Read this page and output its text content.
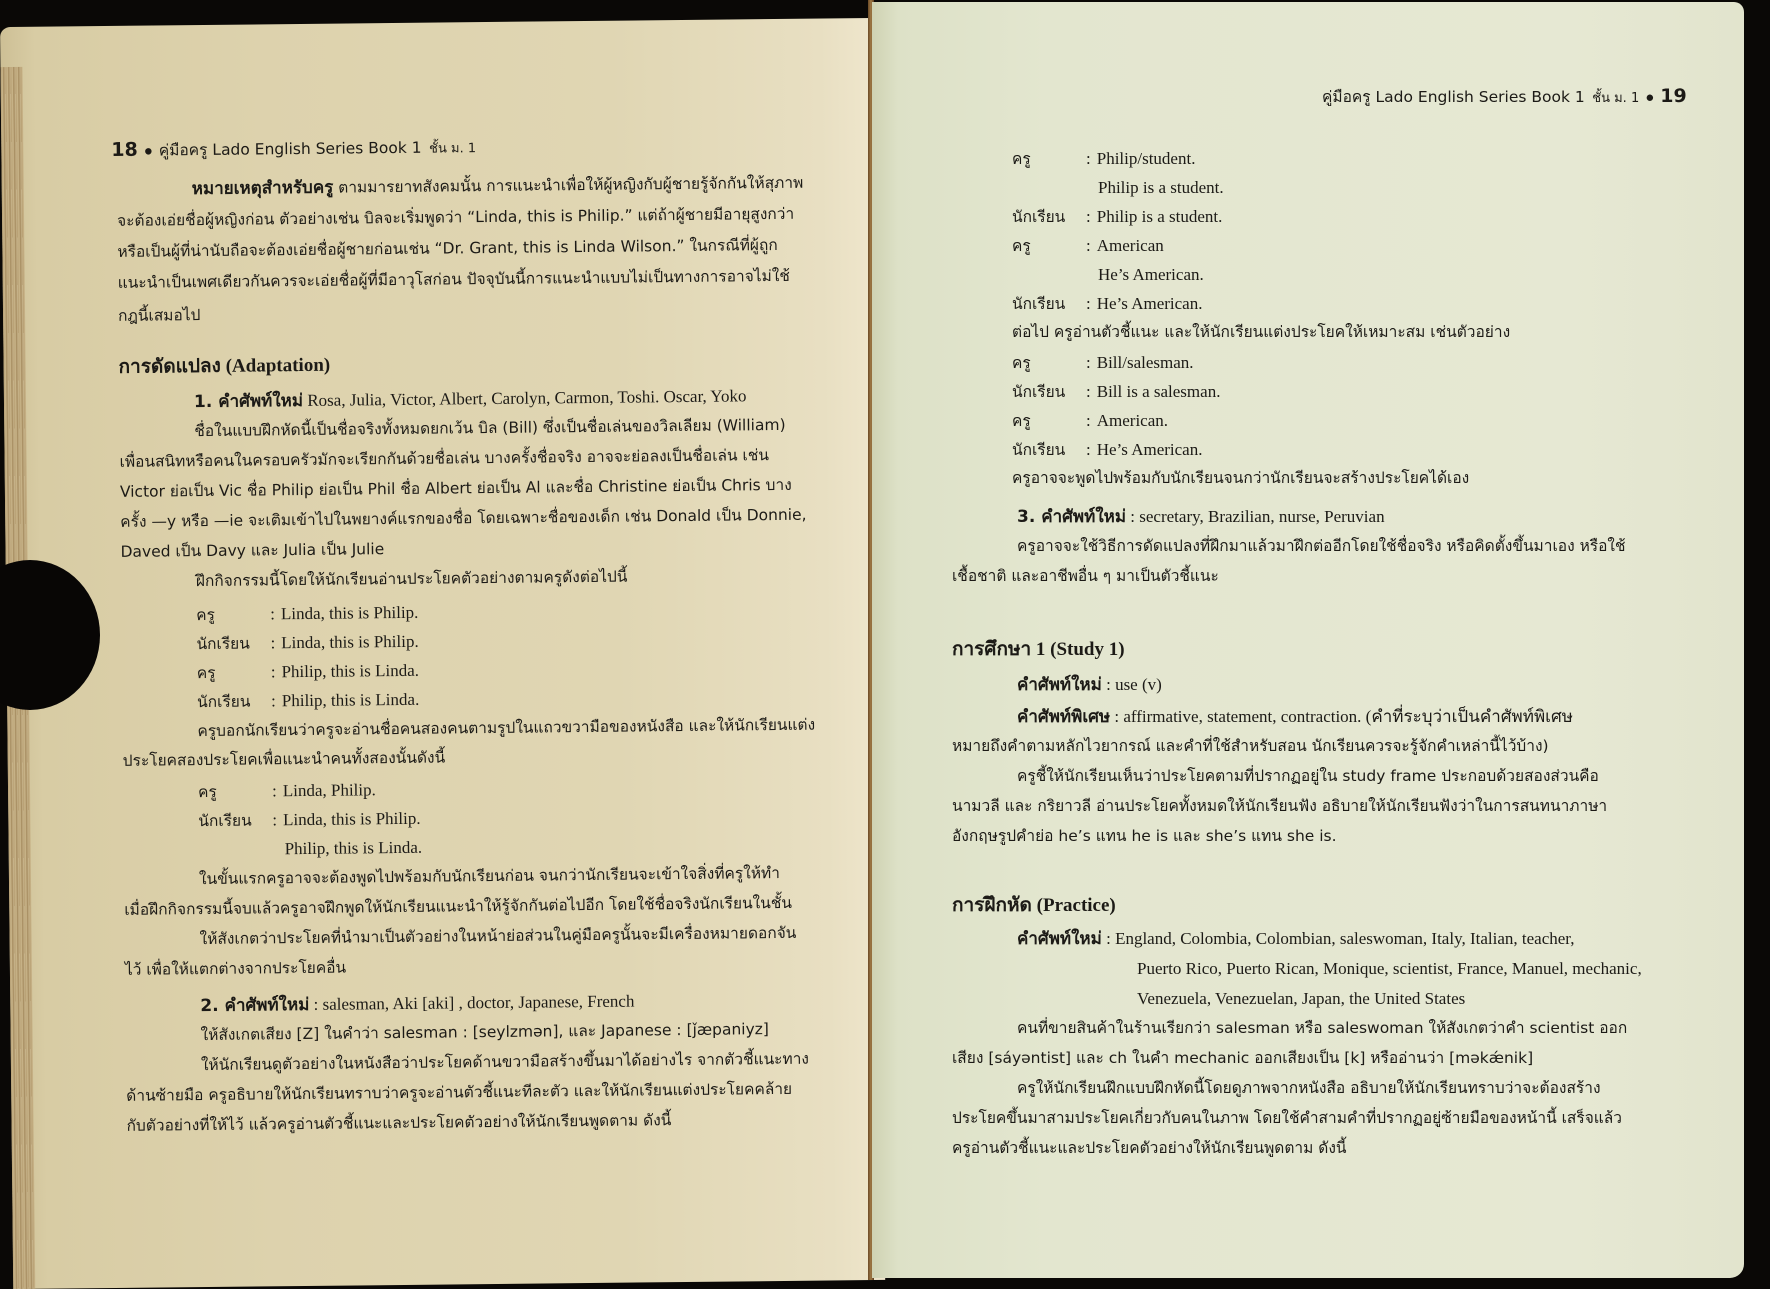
18 ● คู่มือครู Lado English Series Book 1 ชั้น ม. 1
หมายเหตุสำหรับครู ตามมารยาทสังคมนั้น การแนะนำเพื่อให้ผู้หญิงกับผู้ชายรู้จักกันให้สุภาพ
จะต้องเอ่ยชื่อผู้หญิงก่อน ตัวอย่างเช่น บิลจะเริ่มพูดว่า “Linda, this is Philip.” แต่ถ้าผู้ชายมีอายุสูงกว่า
หรือเป็นผู้ที่น่านับถือจะต้องเอ่ยชื่อผู้ชายก่อนเช่น “Dr. Grant, this is Linda Wilson.” ในกรณีที่ผู้ถูก
แนะนำเป็นเพศเดียวกันควรจะเอ่ยชื่อผู้ที่มีอาวุโสก่อน ปัจจุบันนี้การแนะนำแบบไม่เป็นทางการอาจไม่ใช้
กฎนี้เสมอไป
การดัดแปลง (Adaptation)
1. คำศัพท์ใหม่ Rosa, Julia, Victor, Albert, Carolyn, Carmon, Toshi. Oscar, Yoko
ชื่อในแบบฝึกหัดนี้เป็นชื่อจริงทั้งหมดยกเว้น บิล (Bill) ซึ่งเป็นชื่อเล่นของวิลเลียม (William)
เพื่อนสนิทหรือคนในครอบครัวมักจะเรียกกันด้วยชื่อเล่น บางครั้งชื่อจริง อาจจะย่อลงเป็นชื่อเล่น เช่น
Victor ย่อเป็น Vic ชื่อ Philip ย่อเป็น Phil ชื่อ Albert ย่อเป็น Al และชื่อ Christine ย่อเป็น Chris บาง
ครั้ง —y หรือ —ie จะเติมเข้าไปในพยางค์แรกของชื่อ โดยเฉพาะชื่อของเด็ก เช่น Donald เป็น Donnie,
Daved เป็น Davy และ Julia เป็น Julie
ฝึกกิจกรรมนี้โดยให้นักเรียนอ่านประโยคตัวอย่างตามครูดังต่อไปนี้
ครู	: Linda, this is Philip.
นักเรียน : Linda, this is Philip.
ครู	: Philip, this is Linda.
นักเรียน : Philip, this is Linda.
ครูบอกนักเรียนว่าครูจะอ่านชื่อคนสองคนตามรูปในแถวขวามือของหนังสือ และให้นักเรียนแต่ง
ประโยคสองประโยคเพื่อแนะนำคนทั้งสองนั้นดังนี้
ครู	: Linda, Philip.
นักเรียน : Linda, this is Philip.
Philip, this is Linda.
ในขั้นแรกครูอาจจะต้องพูดไปพร้อมกับนักเรียนก่อน จนกว่านักเรียนจะเข้าใจสิ่งที่ครูให้ทำ
เมื่อฝึกกิจกรรมนี้จบแล้วครูอาจฝึกพูดให้นักเรียนแนะนำให้รู้จักกันต่อไปอีก โดยใช้ชื่อจริงนักเรียนในชั้น
ให้สังเกตว่าประโยคที่นำมาเป็นตัวอย่างในหน้าย่อส่วนในคู่มือครูนั้นจะมีเครื่องหมายดอกจัน
ไว้ เพื่อให้แตกต่างจากประโยคอื่น
2. คำศัพท์ใหม่ : salesman, Aki [aki] , doctor, Japanese, French
ให้สังเกตเสียง [Z] ในคำว่า salesman : [seylzmən], และ Japanese : [ǰæpaniyz]
ให้นักเรียนดูตัวอย่างในหนังสือว่าประโยคด้านขวามือสร้างขึ้นมาได้อย่างไร จากตัวชี้แนะทาง
ด้านซ้ายมือ ครูอธิบายให้นักเรียนทราบว่าครูจะอ่านตัวชี้แนะทีละตัว และให้นักเรียนแต่งประโยคคล้าย
กับตัวอย่างที่ให้ไว้ แล้วครูอ่านตัวชี้แนะและประโยคตัวอย่างให้นักเรียนพูดตาม ดังนี้
คู่มือครู Lado English Series Book 1 ชั้น ม. 1 ● 19
ครู	: Philip/student.
Philip is a student.
นักเรียน : Philip is a student.
ครู	: American
He’s American.
นักเรียน : He’s American.
ต่อไป ครูอ่านตัวชี้แนะ และให้นักเรียนแต่งประโยคให้เหมาะสม เช่นตัวอย่าง
ครู	: Bill/salesman.
นักเรียน : Bill is a salesman.
ครู	: American.
นักเรียน : He’s American.
ครูอาจจะพูดไปพร้อมกับนักเรียนจนกว่านักเรียนจะสร้างประโยคได้เอง
3. คำศัพท์ใหม่ : secretary, Brazilian, nurse, Peruvian
ครูอาจจะใช้วิธีการดัดแปลงที่ฝึกมาแล้วมาฝึกต่ออีกโดยใช้ชื่อจริง หรือคิดตั้งขึ้นมาเอง หรือใช้
เชื้อชาติ และอาชีพอื่น ๆ มาเป็นตัวชี้แนะ
การศึกษา 1 (Study 1)
คำศัพท์ใหม่ : use (v)
คำศัพท์พิเศษ : affirmative, statement, contraction. (คำที่ระบุว่าเป็นคำศัพท์พิเศษ
หมายถึงคำตามหลักไวยากรณ์ และคำที่ใช้สำหรับสอน นักเรียนควรจะรู้จักคำเหล่านี้ไว้บ้าง)
ครูชี้ให้นักเรียนเห็นว่าประโยคตามที่ปรากฏอยู่ใน study frame ประกอบด้วยสองส่วนคือ
นามวลี และ กริยาวลี อ่านประโยคทั้งหมดให้นักเรียนฟัง อธิบายให้นักเรียนฟังว่าในการสนทนาภาษา
อังกฤษรูปคำย่อ he’s แทน he is และ she’s แทน she is.
การฝึกหัด (Practice)
คำศัพท์ใหม่ : England, Colombia, Colombian, saleswoman, Italy, Italian, teacher,
Puerto Rico, Puerto Rican, Monique, scientist, France, Manuel, mechanic,
Venezuela, Venezuelan, Japan, the United States
คนที่ขายสินค้าในร้านเรียกว่า salesman หรือ saleswoman ให้สังเกตว่าคำ scientist ออก
เสียง [sáyəntist] และ ch ในคำ mechanic ออกเสียงเป็น [k] หรืออ่านว่า [məkǽnik]
ครูให้นักเรียนฝึกแบบฝึกหัดนี้โดยดูภาพจากหนังสือ อธิบายให้นักเรียนทราบว่าจะต้องสร้าง
ประโยคขึ้นมาสามประโยคเกี่ยวกับคนในภาพ โดยใช้คำสามคำที่ปรากฏอยู่ซ้ายมือของหน้านี้ เสร็จแล้ว
ครูอ่านตัวชี้แนะและประโยคตัวอย่างให้นักเรียนพูดตาม ดังนี้
